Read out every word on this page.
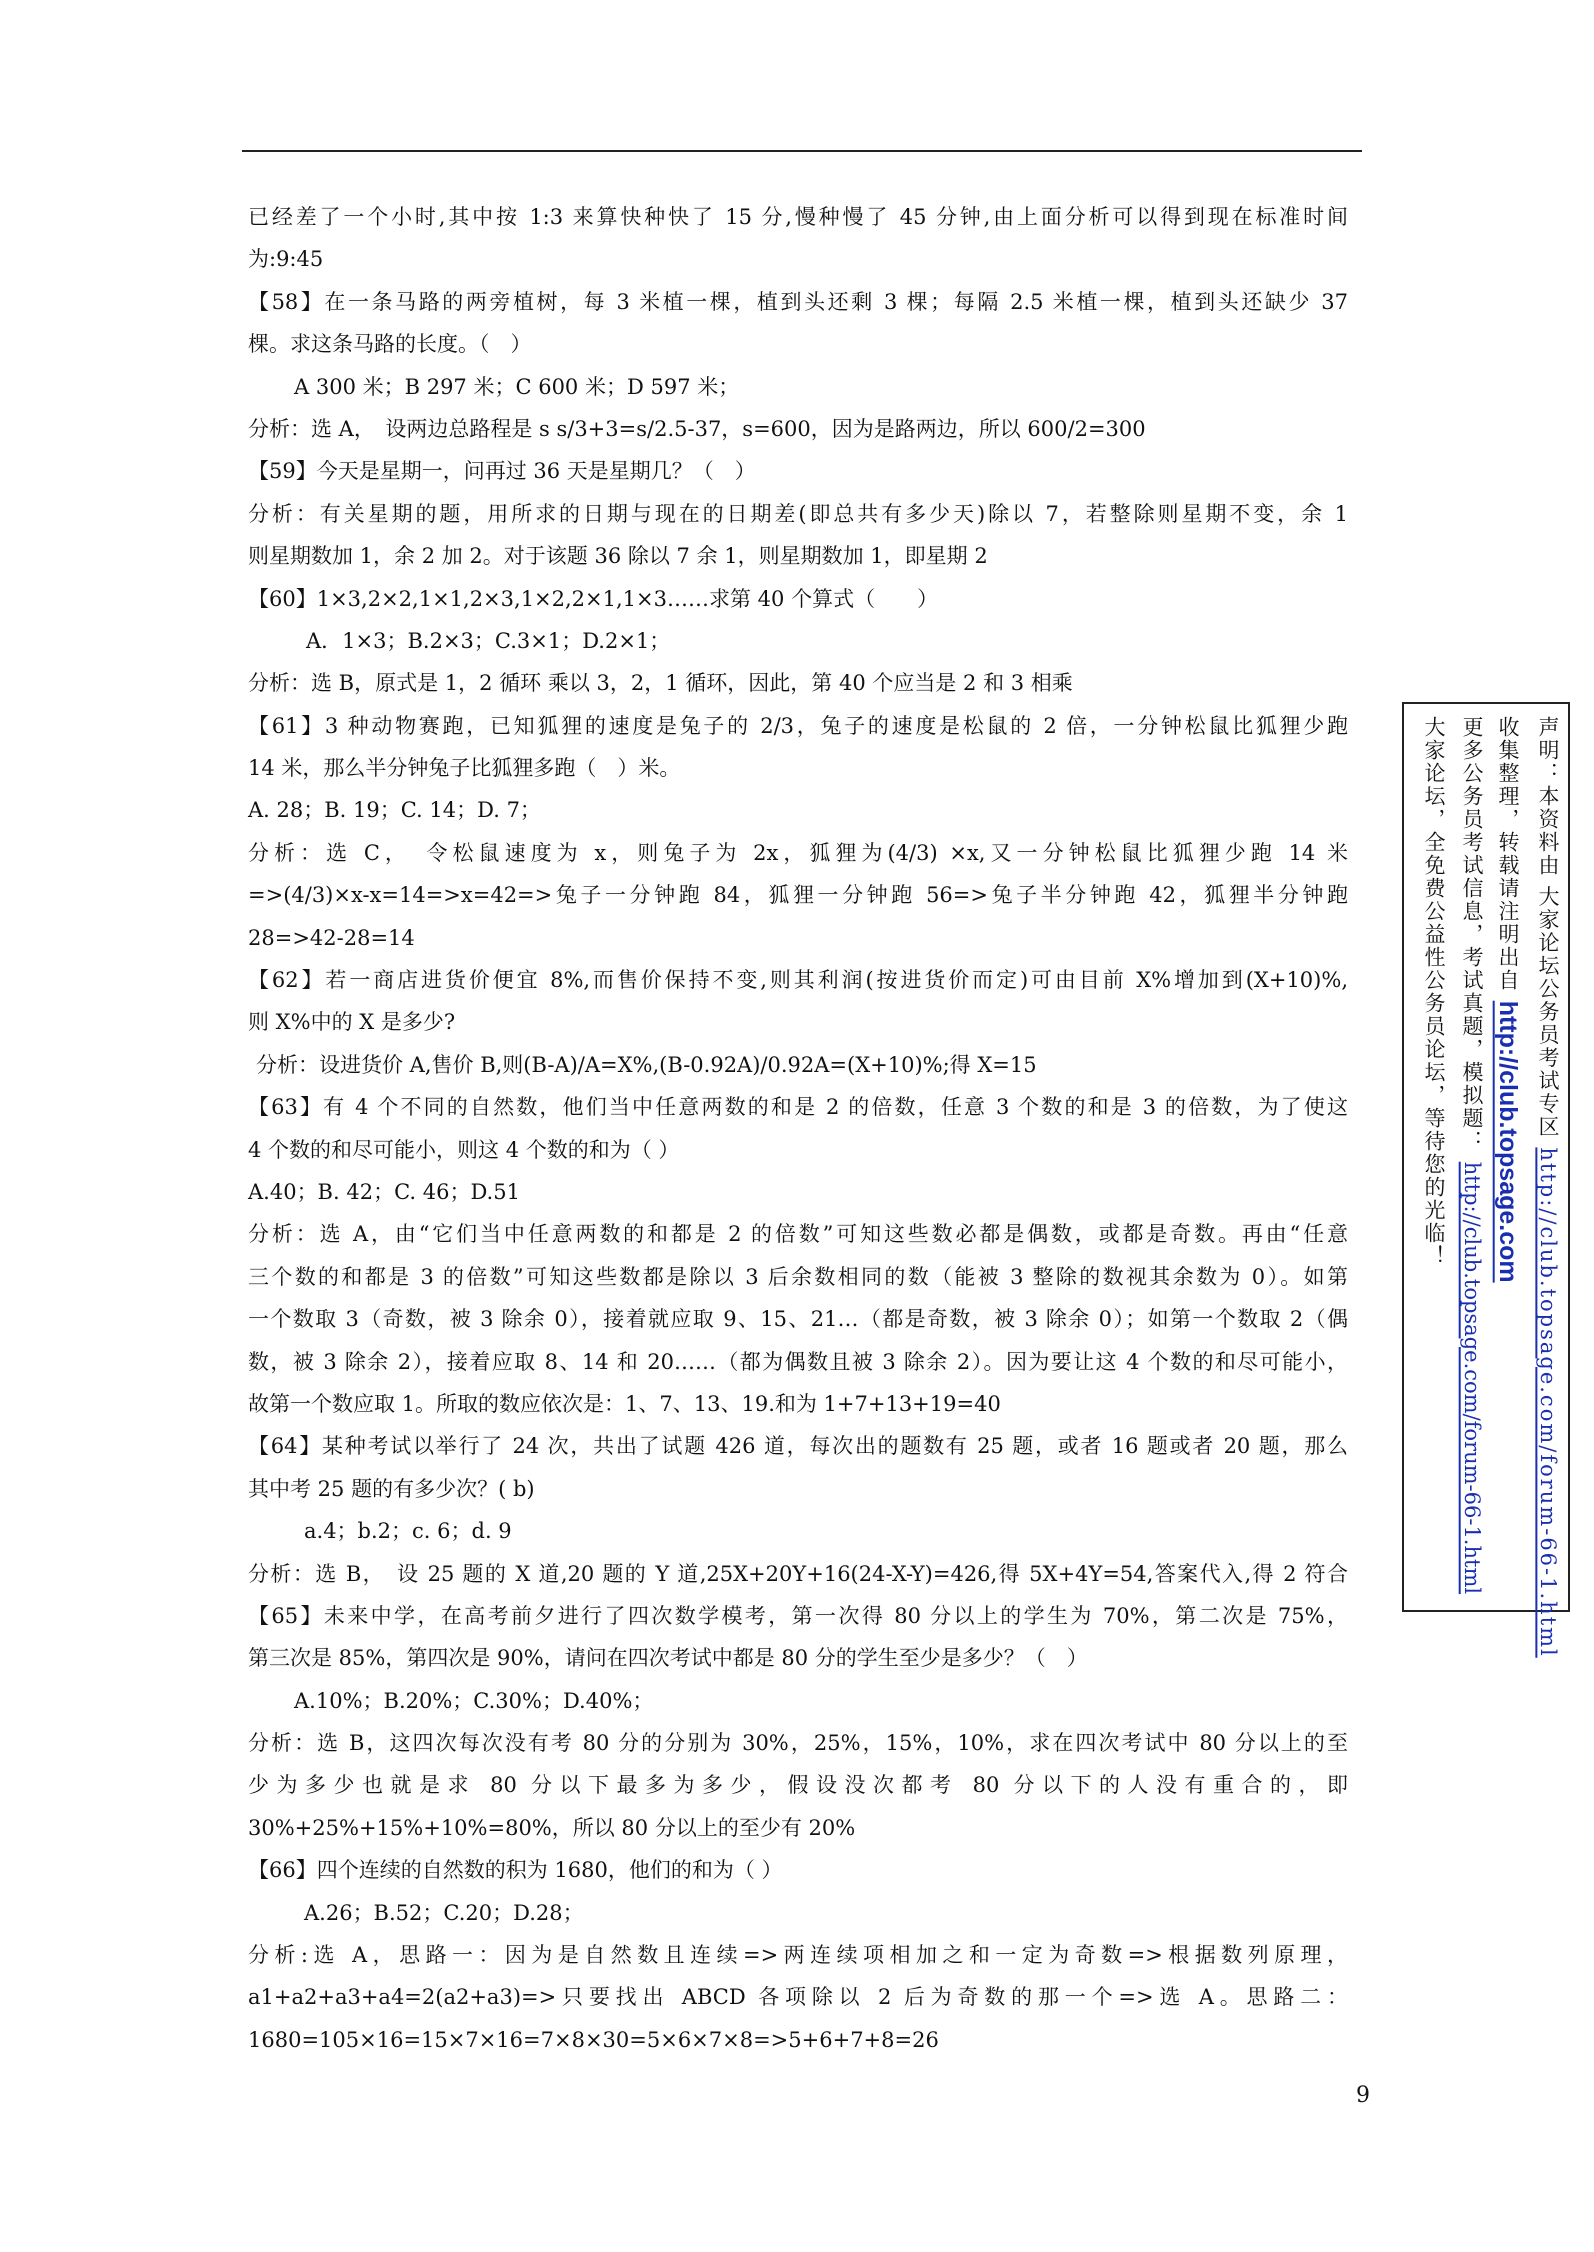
已经差了一个小时,其中按 1:3 来算快种快了 15 分,慢种慢了 45 分钟,由上面分析可以得到现在标准时间
为:9:45
【58】在一条马路的两旁植树，每 3 米植一棵，植到头还剩 3 棵；每隔 2.5 米植一棵，植到头还缺少 37
棵。求这条马路的长度。（　）
A 300 米；B 297 米；C 600 米；D 597 米；
分析：选 A，　设两边总路程是 s s/3+3=s/2.5-37，s=600，因为是路两边，所以 600/2=300
【59】今天是星期一，问再过 36 天是星期几？（　）
分析：有关星期的题，用所求的日期与现在的日期差(即总共有多少天)除以 7，若整除则星期不变，余 1
则星期数加 1，余 2 加 2。对于该题 36 除以 7 余 1，则星期数加 1，即星期 2
【60】1×3,2×2,1×1,2×3,1×2,2×1,1×3……求第 40 个算式（　　）
A．1×3；B.2×3；C.3×1；D.2×1；
分析：选 B，原式是 1，2 循环 乘以 3，2，1 循环，因此，第 40 个应当是 2 和 3 相乘
【61】3 种动物赛跑，已知狐狸的速度是兔子的 2/3，兔子的速度是松鼠的 2 倍，一分钟松鼠比狐狸少跑
14 米，那么半分钟兔子比狐狸多跑（　）米。
A. 28；B. 19；C. 14；D. 7；
分析：选 C，　令松鼠速度为 x，则兔子为 2x，狐狸为(4/3) ×x,又一分钟松鼠比狐狸少跑 14 米
=>(4/3)×x-x=14=>x=42=>兔子一分钟跑 84，狐狸一分钟跑 56=>兔子半分钟跑 42，狐狸半分钟跑
28=>42-28=14
【62】若一商店进货价便宜 8%,而售价保持不变,则其利润(按进货价而定)可由目前 X%增加到(X+10)%,
则 X%中的 X 是多少?
分析：设进货价 A,售价 B,则(B-A)/A=X%,(B-0.92A)/0.92A=(X+10)%;得 X=15
【63】有 4 个不同的自然数，他们当中任意两数的和是 2 的倍数，任意 3 个数的和是 3 的倍数，为了使这
4 个数的和尽可能小，则这 4 个数的和为（ ）
A.40；B. 42；C. 46；D.51
分析：选 A，由“它们当中任意两数的和都是 2 的倍数”可知这些数必都是偶数，或都是奇数。再由“任意
三个数的和都是 3 的倍数”可知这些数都是除以 3 后余数相同的数（能被 3 整除的数视其余数为 0）。如第
一个数取 3（奇数，被 3 除余 0），接着就应取 9、15、21…（都是奇数，被 3 除余 0）；如第一个数取 2（偶
数，被 3 除余 2），接着应取 8、14 和 20……（都为偶数且被 3 除余 2）。因为要让这 4 个数的和尽可能小，
故第一个数应取 1。所取的数应依次是：1、7、13、19.和为 1+7+13+19=40
【64】某种考试以举行了 24 次，共出了试题 426 道，每次出的题数有 25 题，或者 16 题或者 20 题，那么
其中考 25 题的有多少次？( b)
a.4；b.2；c. 6；d. 9
分析：选 B，　设 25 题的 X 道,20 题的 Y 道,25X+20Y+16(24-X-Y)=426,得 5X+4Y=54,答案代入,得 2 符合
【65】未来中学，在高考前夕进行了四次数学模考，第一次得 80 分以上的学生为 70%，第二次是 75%，
第三次是 85%，第四次是 90%，请问在四次考试中都是 80 分的学生至少是多少？（　）
A.10%；B.20%；C.30%；D.40%；
分析：选 B，这四次每次没有考 80 分的分别为 30%，25%，15%，10%，求在四次考试中 80 分以上的至
少为多少也就是求 80 分以下最多为多少，假设没次都考 80 分以下的人没有重合的，即
30%+25%+15%+10%=80%，所以 80 分以上的至少有 20%
【66】四个连续的自然数的积为 1680，他们的和为（ ）
A.26；B.52；C.20；D.28；
分析:选 A，思路一：因为是自然数且连续=>两连续项相加之和一定为奇数=>根据数列原理，
a1+a2+a3+a4=2(a2+a3)=>只要找出 ABCD 各项除以 2 后为奇数的那一个=>选 A。思路二：
1680=105×16=15×7×16=7×8×30=5×6×7×8=>5+6+7+8=26
声明：本资料由 大家论坛公务员考试专区 http://club.topsage.com/forum-66-1.html
收集整理，转载请注明出自 http://club.topsage.com
更多公务员考试信息，考试真题，模拟题： http://club.topsage.com/forum-66-1.html
大家论坛，全免费公益性公务员论坛，等待您的光临！
9
